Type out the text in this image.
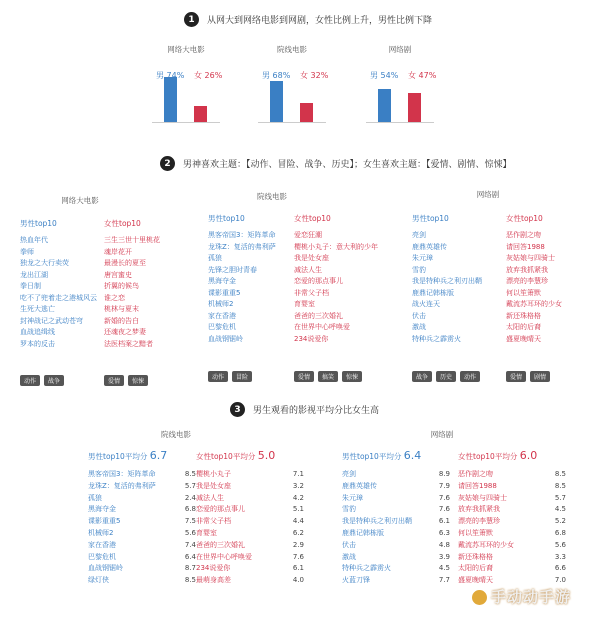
1	从网大到网络电影到网剧，女性比例上升，男性比例下降
网络大电影
男 74% 女 26%
院线电影
男 68% 女 32%
网络剧
男 54% 女 47%
2	男神喜欢主题：【动作、冒险、战争、历史】；女生喜欢主题：【爱情、剧情、惊悚】
网络大电影
男性top10
热血年代
拳师
独龙之大行卖荧
龙出江湖
拳日制
吃不了兜着走之港城风云
生死大逃亡
封神战记之武动苍穹
血战追缉线
罗本的反击
动作	战争
女性top10
三生三世十里桃花
魂岸花开
最漫长的夏至
唐宫蜜史
折翼的候鸟
谁之恋
桃林与夏末
新婚的告白
还魂夜之梦妻
法医档案之黯者
爱情	惊悚
院线电影
男性top10
黑客帝国3：矩阵革命
龙珠Z：复活的弗利萨
孤狼
先锋之胆时青春
黑海夺金
谍影重重5
机械师2
家在香港
巴黎危机
血战钢锯岭
动作	冒险
女性top10
爱恋狂潮
樱桃小丸子：意大利的少年
我是处女座
减法人生
恋爱的那点事儿
非常父子档
育婴室
爸爸的三次婚礼
在世界中心呼唤爱
234说爱你
爱情	搞笑	惊悚
网络剧
男性top10
亮剑
鹿鼎英雄传
朱元璋
雪豹
我是特种兵之利刃出鞘
鹿鼎记韩栋版
战火连天
伏击
激战
特种兵之霹雳火
战争	历史	动作
女性top10
恶作剧之吻
请回答1988
灰姑娘与四骑士
放弃我抓紧我
漂亮的李慧珍
何以笙箫默
戴流苏耳环的少女
新还珠格格
太阳的后裔
盛夏晚晴天
爱情	剧情
3	男生观看的影视平均分比女生高
院线电影
男性top10平均分 6.7
黑客帝国3：矩阵革命	8.5
龙珠Z：复活的弗利萨	5.7
孤狼	2.4
黑海夺金	6.8
谍影重重5	7.5
机械师2	5.6
家在香港	7.4
巴黎危机	6.4
血战钢锯岭	8.7
绿灯侠	8.5
女性top10平均分 5.0
樱桃小丸子	7.1
我是处女座	3.2
减法人生	4.2
恋爱的那点事儿	5.1
非常父子档	4.4
育婴室	6.2
爸爸的三次婚礼	2.9
在世界中心呼唤爱	7.6
234说爱你	6.1
最萌身高差	4.0
网络剧
男性top10平均分 6.4
亮剑	8.9
鹿鼎英雄传	7.9
朱元璋	7.6
雪豹	7.6
我是特种兵之利刃出鞘	6.1
鹿鼎记韩栋版	6.3
伏击	4.8
激战	3.9
特种兵之霹雳火	4.5
火蓝刀锋	7.7
女性top10平均分 6.0
恶作剧之吻	8.5
请回答1988	8.5
灰姑娘与四骑士	5.7
放弃我抓紧我	4.5
漂亮的李慧珍	5.2
何以笙箫默	6.8
戴流苏耳环的少女	5.6
新还珠格格	3.3
太阳的后裔	6.6
盛夏晚晴天	7.0
手动动手游
